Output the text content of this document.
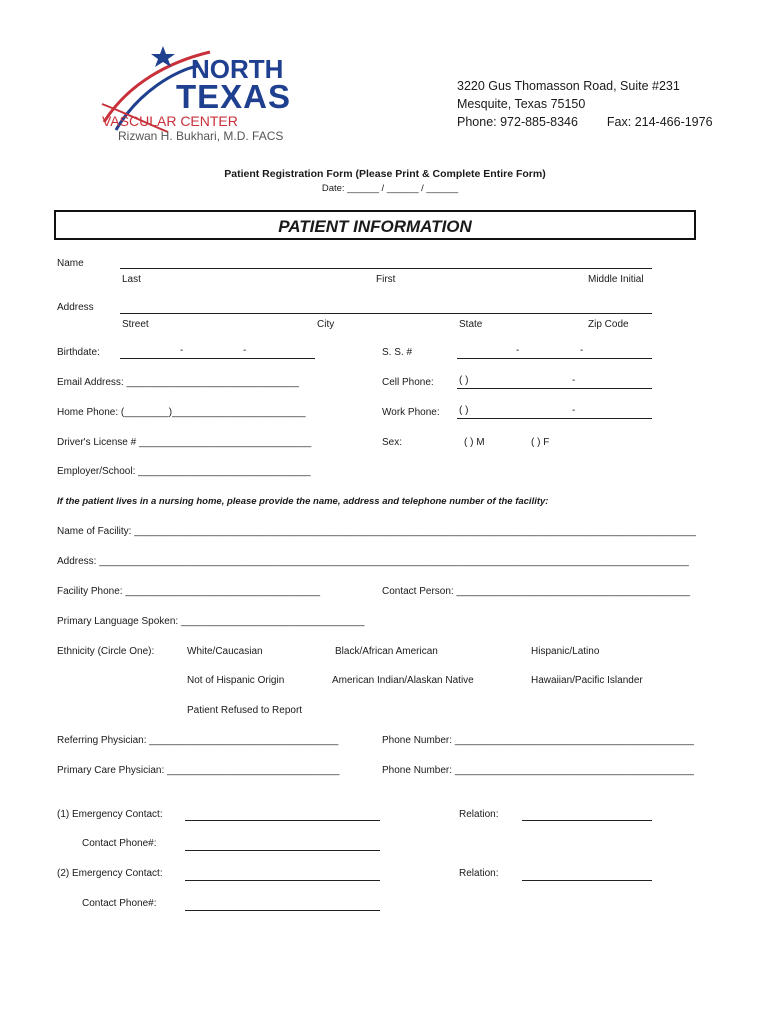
NORTH
TEXAS
VASCULAR CENTER
Rizwan H. Bukhari, M.D. FACS
3220 Gus Thomasson Road, Suite #231
Mesquite, Texas 75150
Phone: 972-885-8346 Fax: 214-466-1976
Patient Registration Form (Please Print & Complete Entire Form)
Date: ______ / ______ / ______
PATIENT INFORMATION
Name
Last	First	Middle Initial
Address
Street	City	State	Zip Code
Birthdate:	-	-	S. S. #	-	-
Email Address: _______________________________	Cell Phone:	( )	-
Home Phone: (________)________________________	Work Phone: ( )	-
Driver's License # _______________________________	Sex:	( ) M	( ) F
Employer/School: _______________________________
If the patient lives in a nursing home, please provide the name, address and telephone number of the facility:
Name of Facility: _____________________________________________________________________________________________________
Address: __________________________________________________________________________________________________________
Facility Phone: ___________________________________	Contact Person: __________________________________________
Primary Language Spoken: _________________________________
Ethnicity (Circle One):	White/Caucasian	Black/African American	Hispanic/Latino
Not of Hispanic Origin	American Indian/Alaskan Native	Hawaiian/Pacific Islander
Patient Refused to Report
Referring Physician: __________________________________	Phone Number: ___________________________________________
Primary Care Physician: _______________________________	Phone Number: ___________________________________________
(1) Emergency Contact:	Relation:
Contact Phone#:
(2) Emergency Contact:	Relation:
Contact Phone#:
